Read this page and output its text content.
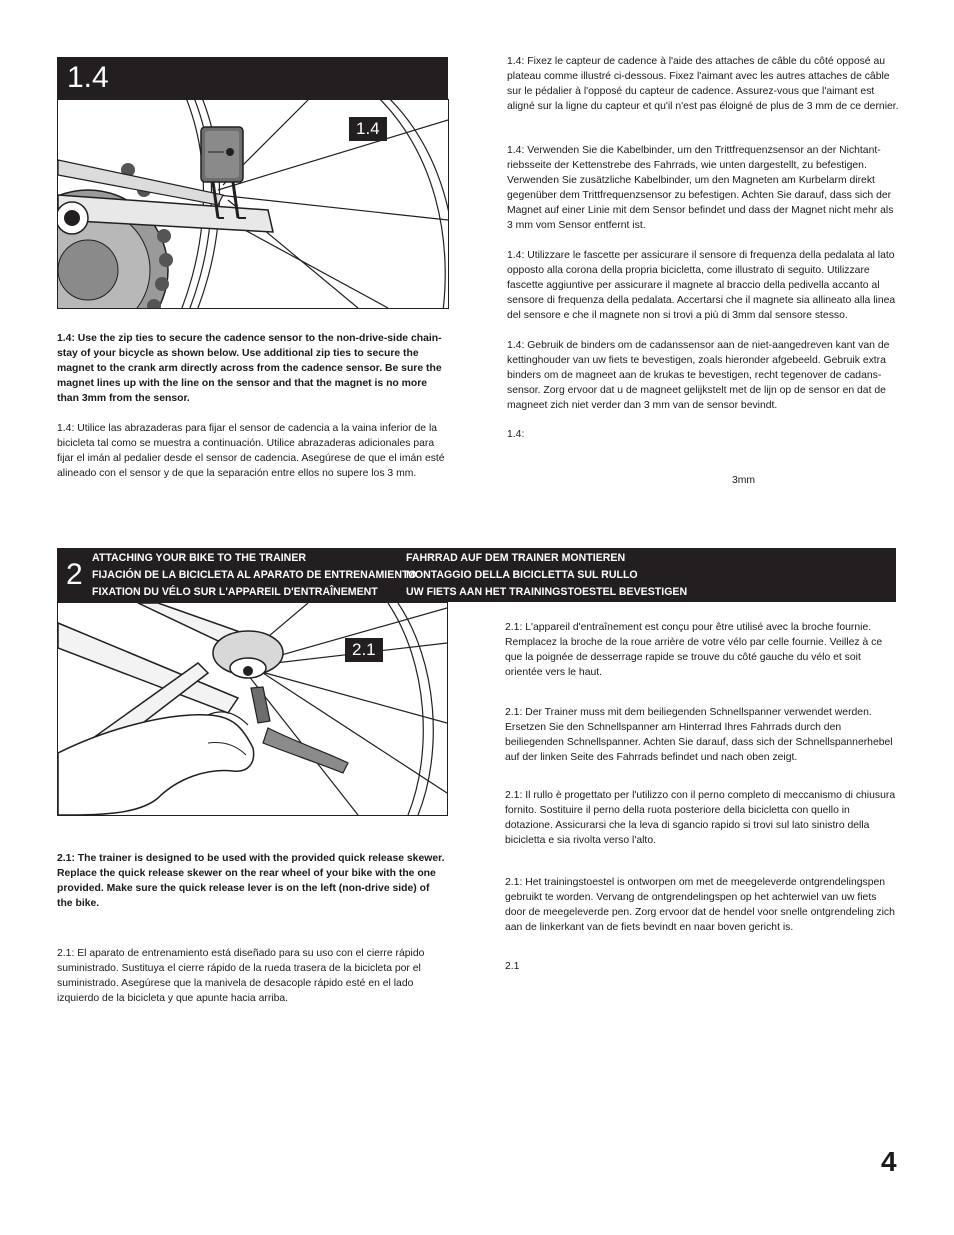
1.4
1.4
1.4: Use the zip ties to secure the cadence sensor to the non-drive-side chain-stay of your bicycle as shown below. Use additional zip ties to secure the magnet to the crank arm directly across from the cadence sensor. Be sure the magnet lines up with the line on the sensor and that the magnet is no more than 3mm from the sensor.
1.4: Utilice las abrazaderas para fijar el sensor de cadencia a la vaina inferior de la bicicleta tal como se muestra a continuación. Utilice abrazaderas adicionales para fijar el imán al pedalier desde el sensor de cadencia. Asegúrese de que el imán esté alineado con el sensor y de que la separación entre ellos no supere los 3 mm.
1.4: Fixez le capteur de cadence à l'aide des attaches de câble du côté opposé au plateau comme illustré ci-dessous. Fixez l'aimant avec les autres attaches de câble sur le pédalier à l'opposé du capteur de cadence. Assurez-vous que l'aimant est aligné sur la ligne du capteur et qu'il n'est pas éloigné de plus de 3 mm de ce dernier.
1.4: Verwenden Sie die Kabelbinder, um den Trittfrequenzsensor an der Nichtant-riebsseite der Kettenstrebe des Fahrrads, wie unten dargestellt, zu befestigen. Verwenden Sie zusätzliche Kabelbinder, um den Magneten am Kurbelarm direkt gegenüber dem Trittfrequenzsensor zu befestigen. Achten Sie darauf, dass sich der Magnet auf einer Linie mit dem Sensor befindet und dass der Magnet nicht mehr als 3 mm vom Sensor entfernt ist.
1.4: Utilizzare le fascette per assicurare il sensore di frequenza della pedalata al lato opposto alla corona della propria bicicletta, come illustrato di seguito. Utilizzare fascette aggiuntive per assicurare il magnete al braccio della pedivella accanto al sensore di frequenza della pedalata. Accertarsi che il magnete sia allineato alla linea del sensore e che il magnete non si trovi a più di 3mm dal sensore stesso.
1.4: Gebruik de binders om de cadanssensor aan de niet-aangedreven kant van de kettinghouder van uw fiets te bevestigen, zoals hieronder afgebeeld. Gebruik extra binders om de magneet aan de krukas te bevestigen, recht tegenover de cadans-sensor. Zorg ervoor dat u de magneet gelijkstelt met de lijn op de sensor en dat de magneet zich niet verder dan 3 mm van de sensor bevindt.
1.4:
3mm
2 ATTACHING YOUR BIKE TO THE TRAINER
FIJACIÓN DE LA BICICLETA AL APARATO DE ENTRENAMIENTO
FIXATION DU VÉLO SUR L'APPAREIL D'ENTRAÎNEMENT
FAHRRAD AUF DEM TRAINER MONTIEREN
MONTAGGIO DELLA BICICLETTA SUL RULLO
UW FIETS AAN HET TRAININGSTOESTEL BEVESTIGEN
2.1
2.1: The trainer is designed to be used with the provided quick release skewer. Replace the quick release skewer on the rear wheel of your bike with the one provided. Make sure the quick release lever is on the left (non-drive side) of the bike.
2.1: El aparato de entrenamiento está diseñado para su uso con el cierre rápido suministrado. Sustituya el cierre rápido de la rueda trasera de la bicicleta por el suministrado. Asegúrese que la manivela de desacople rápido esté en el lado izquierdo de la bicicleta y que apunte hacia arriba.
2.1: L'appareil d'entraînement est conçu pour être utilisé avec la broche fournie. Remplacez la broche de la roue arrière de votre vélo par celle fournie. Veillez à ce que la poignée de desserrage rapide se trouve du côté gauche du vélo et soit orientée vers le haut.
2.1: Der Trainer muss mit dem beiliegenden Schnellspanner verwendet werden. Ersetzen Sie den Schnellspanner am Hinterrad Ihres Fahrrads durch den beiliegenden Schnellspanner. Achten Sie darauf, dass sich der Schnellspannerhebel auf der linken Seite des Fahrrads befindet und nach oben zeigt.
2.1: Il rullo è progettato per l'utilizzo con il perno completo di meccanismo di chiusura fornito. Sostituire il perno della ruota posteriore della bicicletta con quello in dotazione. Assicurarsi che la leva di sgancio rapido si trovi sul lato sinistro della bicicletta e sia rivolta verso l'alto.
2.1: Het trainingstoestel is ontworpen om met de meegeleverde ontgrendelingspen gebruikt te worden. Vervang de ontgrendelingspen op het achterwiel van uw fiets door de meegeleverde pen. Zorg ervoor dat de hendel voor snelle ontgrendeling zich aan de linkerkant van de fiets bevindt en naar boven gericht is.
2.1
4
